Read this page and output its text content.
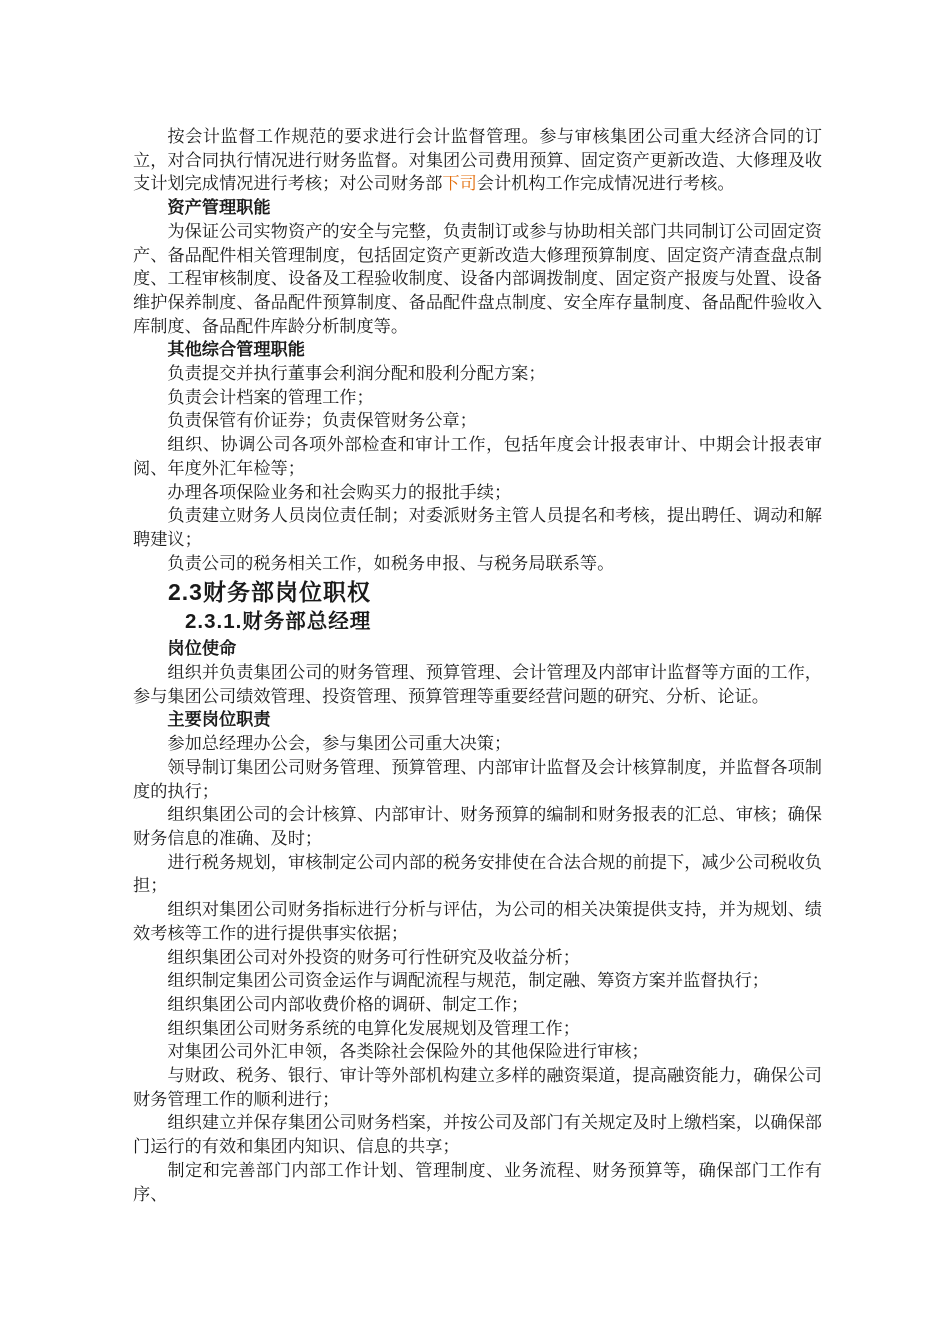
按会计监督工作规范的要求进行会计监督管理。参与审核集团公司重大经济合同的订立，对合同执行情况进行财务监督。对集团公司费用预算、固定资产更新改造、大修理及收支计划完成情况进行考核；对公司财务部下司会计机构工作完成情况进行考核。
资产管理职能
为保证公司实物资产的安全与完整，负责制订或参与协助相关部门共同制订公司固定资产、备品配件相关管理制度，包括固定资产更新改造大修理预算制度、固定资产清查盘点制度、工程审核制度、设备及工程验收制度、设备内部调拨制度、固定资产报废与处置、设备维护保养制度、备品配件预算制度、备品配件盘点制度、安全库存量制度、备品配件验收入库制度、备品配件库龄分析制度等。
其他综合管理职能
负责提交并执行董事会利润分配和股利分配方案；
负责会计档案的管理工作；
负责保管有价证券；负责保管财务公章；
组织、协调公司各项外部检查和审计工作，包括年度会计报表审计、中期会计报表审阅、年度外汇年检等；
办理各项保险业务和社会购买力的报批手续；
负责建立财务人员岗位责任制；对委派财务主管人员提名和考核，提出聘任、调动和解聘建议；
负责公司的税务相关工作，如税务申报、与税务局联系等。
2.3财务部岗位职权
2.3.1.财务部总经理
岗位使命
组织并负责集团公司的财务管理、预算管理、会计管理及内部审计监督等方面的工作，参与集团公司绩效管理、投资管理、预算管理等重要经营问题的研究、分析、论证。
主要岗位职责
参加总经理办公会，参与集团公司重大决策；
领导制订集团公司财务管理、预算管理、内部审计监督及会计核算制度，并监督各项制度的执行；
组织集团公司的会计核算、内部审计、财务预算的编制和财务报表的汇总、审核；确保财务信息的准确、及时；
进行税务规划，审核制定公司内部的税务安排使在合法合规的前提下，减少公司税收负担；
组织对集团公司财务指标进行分析与评估，为公司的相关决策提供支持，并为规划、绩效考核等工作的进行提供事实依据；
组织集团公司对外投资的财务可行性研究及收益分析；
组织制定集团公司资金运作与调配流程与规范，制定融、筹资方案并监督执行；
组织集团公司内部收费价格的调研、制定工作；
组织集团公司财务系统的电算化发展规划及管理工作；
对集团公司外汇申领，各类除社会保险外的其他保险进行审核；
与财政、税务、银行、审计等外部机构建立多样的融资渠道，提高融资能力，确保公司财务管理工作的顺利进行；
组织建立并保存集团公司财务档案，并按公司及部门有关规定及时上缴档案，以确保部门运行的有效和集团内知识、信息的共享；
制定和完善部门内部工作计划、管理制度、业务流程、财务预算等，确保部门工作有序、
